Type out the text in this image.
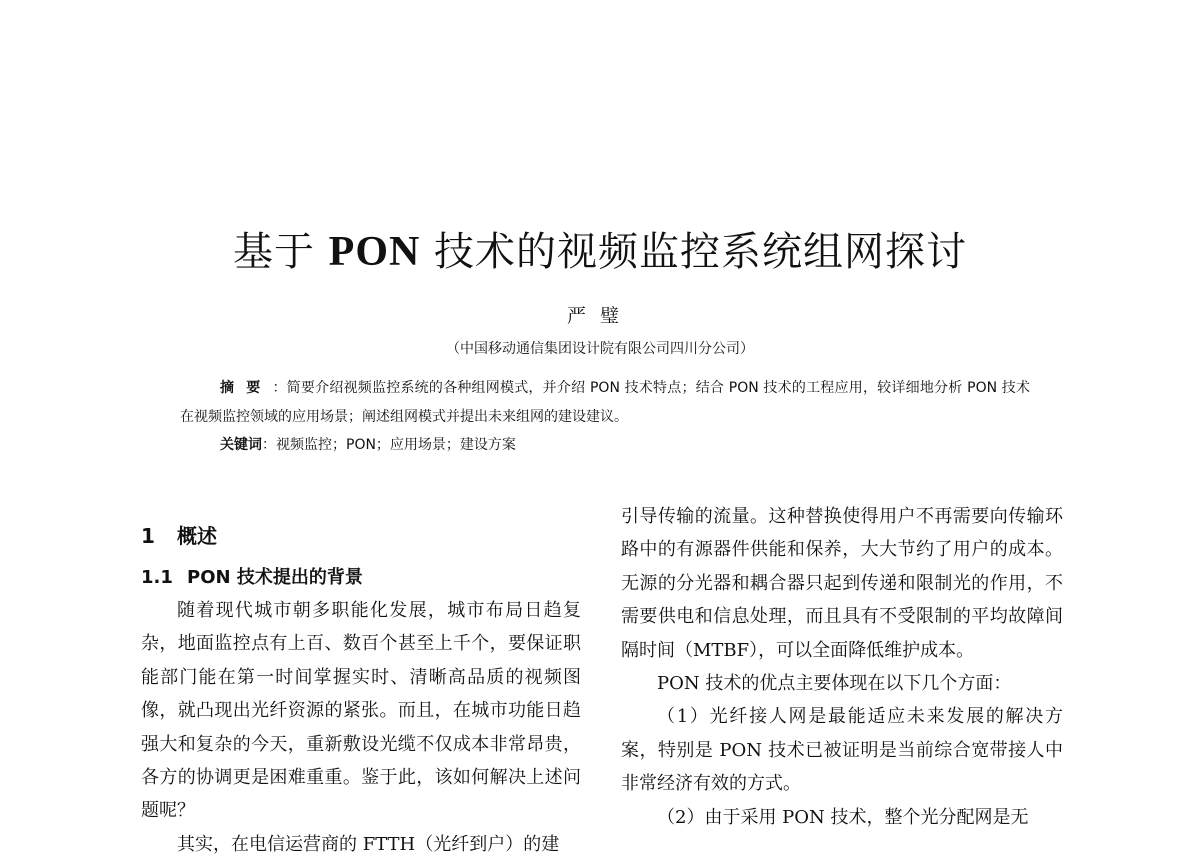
基于 PON 技术的视频监控系统组网探讨
严璧
（中国移动通信集团设计院有限公司四川分公司）
摘要：简要介绍视频监控系统的各种组网模式，并介绍 PON 技术特点；结合 PON 技术的工程应用，较详细地分析 PON 技术在视频监控领域的应用场景；阐述组网模式并提出未来组网的建设建议。
关键词：视频监控；PON；应用场景；建设方案
1 概述
1.1 PON 技术提出的背景

随着现代城市朝多职能化发展，城市布局日趋复杂，地面监控点有上百、数百个甚至上千个，要保证职能部门能在第一时间掌握实时、清晰高品质的视频图像，就凸现出光纤资源的紧张。而且，在城市功能日趋强大和复杂的今天，重新敷设光缆不仅成本非常昂贵，各方的协调更是困难重重。鉴于此，该如何解决上述问题呢？

其实，在电信运营商的 FTTH（光纤到户）的建

引导传输的流量。这种替换使得用户不再需要向传输环路中的有源器件供能和保养，大大节约了用户的成本。无源的分光器和耦合器只起到传递和限制光的作用，不需要供电和信息处理，而且具有不受限制的平均故障间隔时间（MTBF），可以全面降低维护成本。

PON 技术的优点主要体现在以下几个方面：

（1）光纤接人网是最能适应未来发展的解决方案，特别是 PON 技术已被证明是当前综合宽带接人中非常经济有效的方式。

（2）由于采用 PON 技术，整个光分配网是无
